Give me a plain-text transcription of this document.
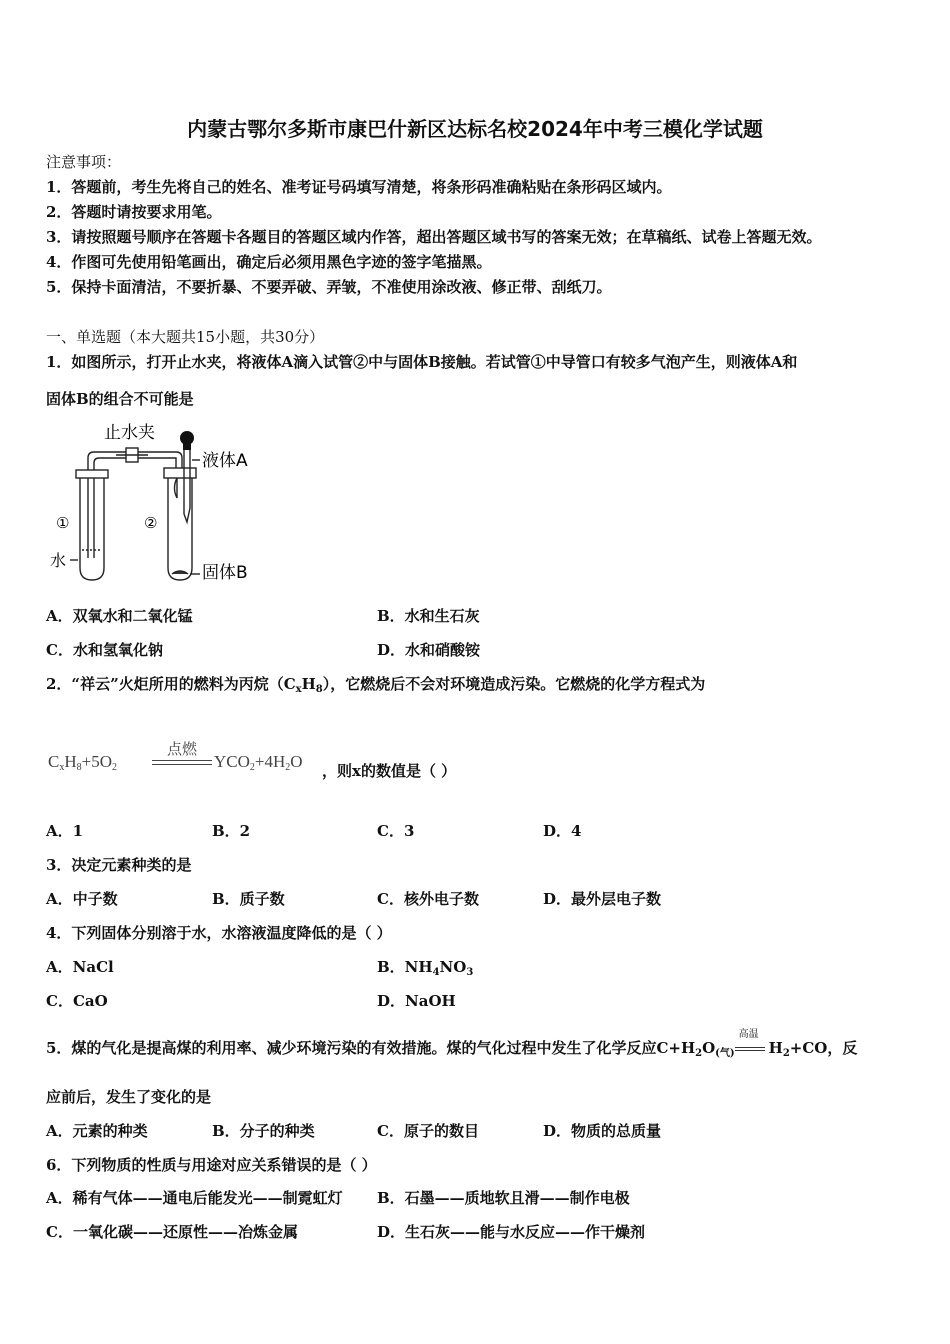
内蒙古鄂尔多斯市康巴什新区达标名校2024年中考三模化学试题
注意事项：
1．答题前，考生先将自己的姓名、准考证号码填写清楚，将条形码准确粘贴在条形码区域内。
2．答题时请按要求用笔。
3．请按照题号顺序在答题卡各题目的答题区域内作答，超出答题区域书写的答案无效；在草稿纸、试卷上答题无效。
4．作图可先使用铅笔画出，确定后必须用黑色字迹的签字笔描黑。
5．保持卡面清洁，不要折暴、不要弄破、弄皱，不准使用涂改液、修正带、刮纸刀。
一、单选题（本大题共15小题，共30分）
1．如图所示，打开止水夹，将液体A滴入试管②中与固体B接触。若试管①中导管口有较多气泡产生，则液体A和
固体B的组合不可能是
止水夹
液体A
①	②
水
固体B
A．双氧水和二氧化锰	B．水和生石灰
C．水和氢氧化钠	D．水和硝酸铵
2．“祥云”火炬所用的燃料为丙烷$(C_xH_8)$，它燃烧后不会对环境造成污染。它燃烧的化学方程式为
$C_xH_8+5O_2$
点燃
$YCO_2+4H_2O$ ，则x的数值是（ ）
A．1	B．2	C．3	D．4
3．决定元素种类的是
A．中子数	B．质子数	C．核外电子数	D．最外层电子数
4．下列固体分别溶于水，水溶液温度降低的是（ ）
A．NaCl	B．$NH_4NO_3$
C．CaO	D．NaOH
5．煤的气化是提高煤的利用率、减少环境污染的有效措施。煤的气化过程中发生了化学反应$C+H_2O_{(气)}$
高温
$H_2+CO$，反
应前后，发生了变化的是
A．元素的种类	B．分子的种类	C．原子的数目	D．物质的总质量
6．下列物质的性质与用途对应关系错误的是（ ）
A．稀有气体——通电后能发光——制霓虹灯 B．石墨——质地软且滑——制作电极
C．一氧化碳——还原性——冶炼金属	D．生石灰——能与水反应——作干燥剂
